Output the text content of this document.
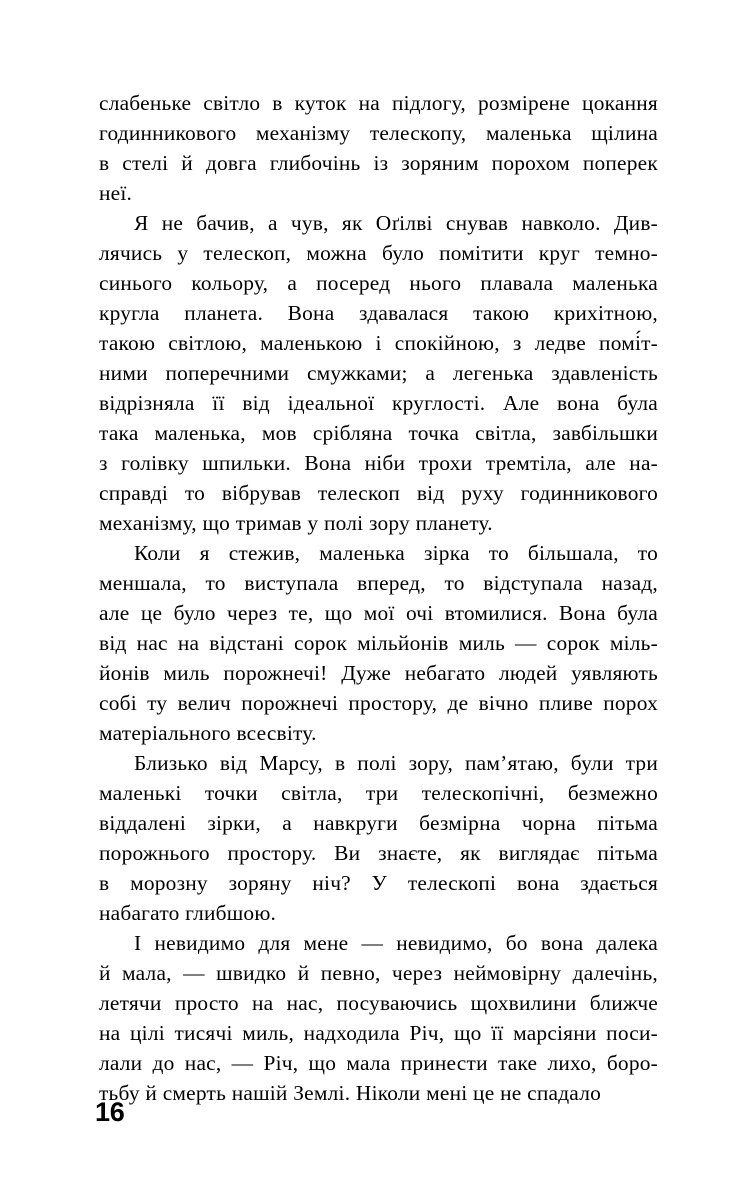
слабеньке світло в куток на підлогу, розмірене цокання
годинникового механізму телескопу, маленька щілина
в стелі й довга глибочінь із зоряним порохом поперек
неї.

Я не бачив, а чув, як Оґілві снував навколо. Див-
лячись у телескоп, можна було помітити круг темно-
синього кольору, а посеред нього плавала маленька
кругла планета. Вона здавалася такою крихітною,
такою світлою, маленькою і спокійною, з ледве помі́т-
ними поперечними смужками; а легенька здавленість
відрізняла її від ідеальної круглості. Але вона була
така маленька, мов срібляна точка світла, завбільшки
з голівку шпильки. Вона ніби трохи тремтіла, але на-
справді то вібрував телескоп від руху годинникового
механізму, що тримав у полі зору планету.

Коли я стежив, маленька зірка то більшала, то
меншала, то виступала вперед, то відступала назад,
але це було через те, що мої очі втомилися. Вона була
від нас на відстані сорок мільйонів миль — сорок міль-
йонів миль порожнечі! Дуже небагато людей уявляють
собі ту велич порожнечі простору, де вічно пливе порох
матеріального всесвіту.

Близько від Марсу, в полі зору, пам’ятаю, були три
маленькі точки світла, три телескопічні, безмежно
віддалені зірки, а навкруги безмірна чорна пітьма
порожнього простору. Ви знаєте, як виглядає пітьма
в морозну зоряну ніч? У телескопі вона здається
набагато глибшою.

І невидимо для мене — невидимо, бо вона далека
й мала, — швидко й певно, через неймовірну далечінь,
летячи просто на нас, посуваючись щохвилини ближче
на цілі тисячі миль, надходила Річ, що її марсіяни поси-
лали до нас, — Річ, що мала принести таке лихо, боро-
тьбу й смерть нашій Землі. Ніколи мені це не спадало

16
